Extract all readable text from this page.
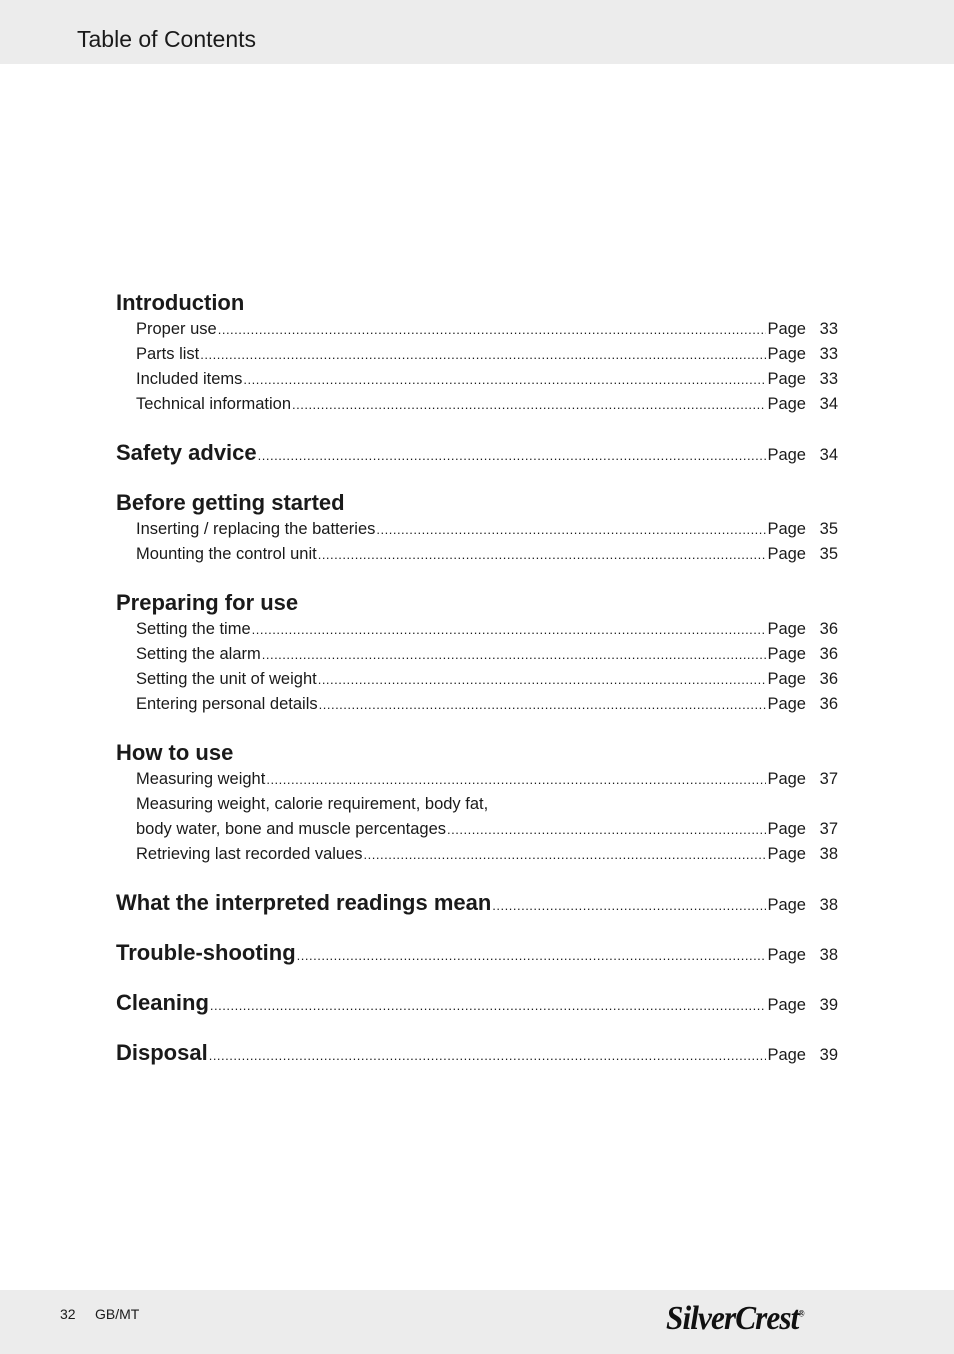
Table of Contents
Introduction
Proper use .....	Page 33
Parts list .....	Page 33
Included items .....	Page 33
Technical information .....	Page 34
Safety advice .....	Page 34
Before getting started
Inserting / replacing the batteries .....	Page 35
Mounting the control unit .....	Page 35
Preparing for use
Setting the time .....	Page 36
Setting the alarm .....	Page 36
Setting the unit of weight .....	Page 36
Entering personal details .....	Page 36
How to use
Measuring weight .....	Page 37
Measuring weight, calorie requirement, body fat,
body water, bone and muscle percentages .....	Page 37
Retrieving last recorded values .....	Page 38
What the interpreted readings mean .....	Page 38
Trouble-shooting .....	Page 38
Cleaning .....	Page 39
Disposal .....	Page 39
32 GB/MT	SilverCrest®
